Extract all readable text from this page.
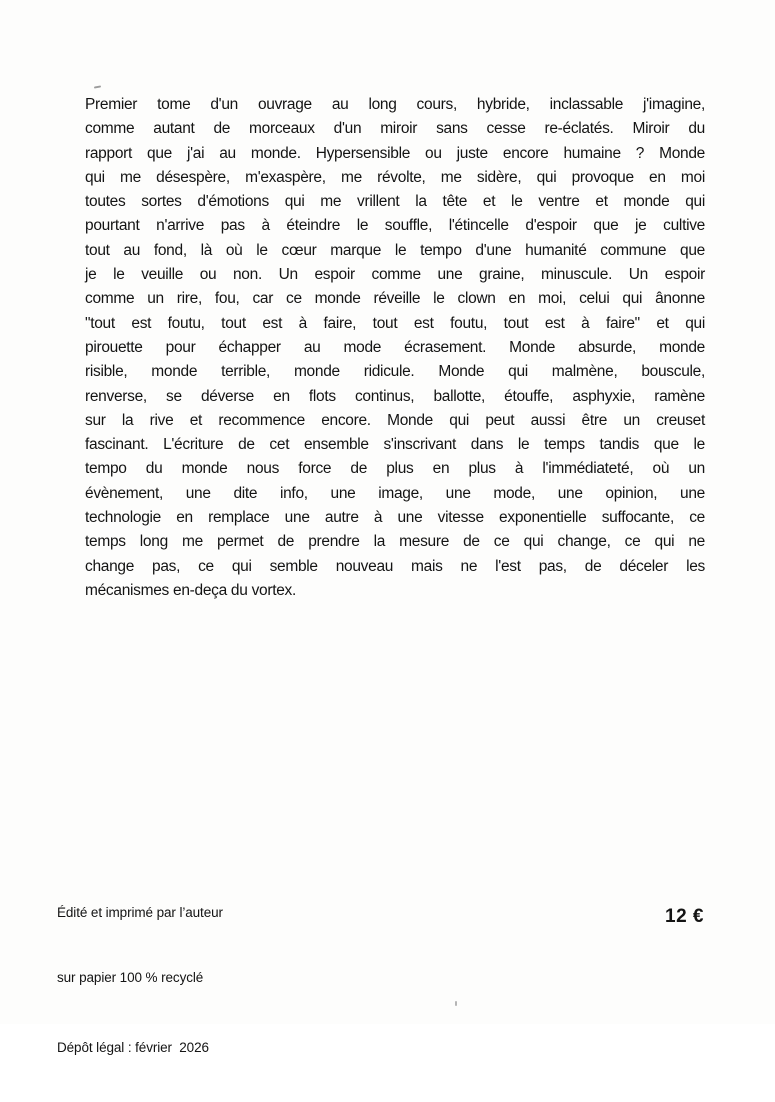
Premier tome d'un ouvrage au long cours, hybride, inclassable j'imagine,
comme autant de morceaux d'un miroir sans cesse re-éclatés. Miroir du
rapport que j'ai au monde. Hypersensible ou juste encore humaine ? Monde
qui me désespère, m'exaspère, me révolte, me sidère, qui provoque en moi
toutes sortes d'émotions qui me vrillent la tête et le ventre et monde qui
pourtant n'arrive pas à éteindre le souffle, l'étincelle d'espoir que je cultive
tout au fond, là où le cœur marque le tempo d'une humanité commune que
je le veuille ou non. Un espoir comme une graine, minuscule. Un espoir
comme un rire, fou, car ce monde réveille le clown en moi, celui qui ânonne
"tout est foutu, tout est à faire, tout est foutu, tout est à faire" et qui
pirouette pour échapper au mode écrasement. Monde absurde, monde
risible, monde terrible, monde ridicule. Monde qui malmène, bouscule,
renverse, se déverse en flots continus, ballotte, étouffe, asphyxie, ramène
sur la rive et recommence encore. Monde qui peut aussi être un creuset
fascinant. L'écriture de cet ensemble s'inscrivant dans le temps tandis que le
tempo du monde nous force de plus en plus à l'immédiateté, où un
évènement, une dite info, une image, une mode, une opinion, une
technologie en remplace une autre à une vitesse exponentielle suffocante, ce
temps long me permet de prendre la mesure de ce qui change, ce qui ne
change pas, ce qui semble nouveau mais ne l'est pas, de déceler les
mécanismes en-deça du vortex.

Édité et imprimé par l’auteur

sur papier 100 % recyclé

Dépôt légal : février  2026

12 €
